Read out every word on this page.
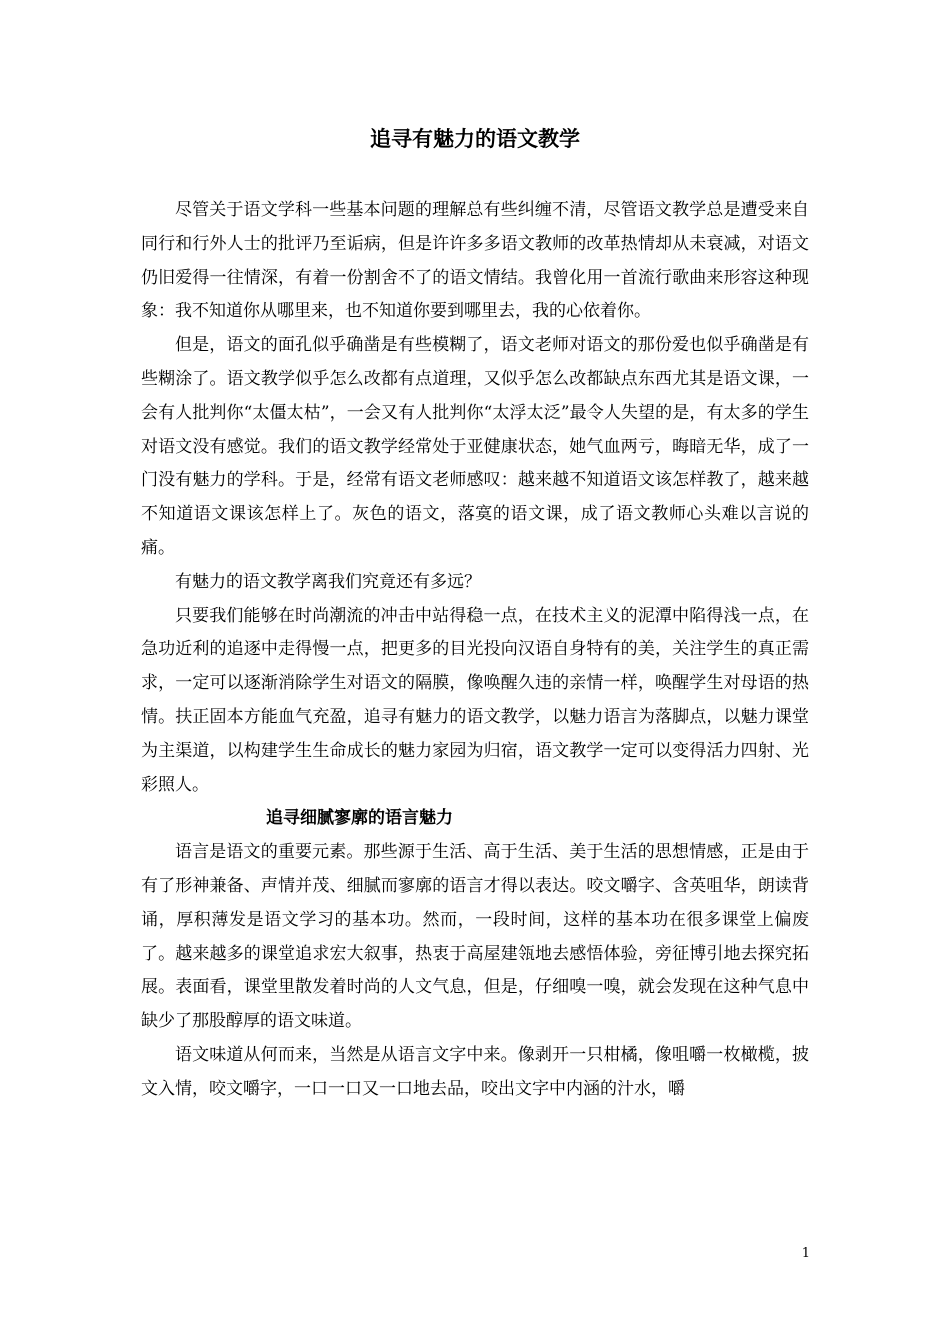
追寻有魅力的语文教学

尽管关于语文学科一些基本问题的理解总有些纠缠不清，尽管语文教学总是遭受来自同行和行外人士的批评乃至诟病，但是许许多多语文教师的改革热情却从未衰减，对语文仍旧爱得一往情深，有着一份割舍不了的语文情结。我曾化用一首流行歌曲来形容这种现象：我不知道你从哪里来，也不知道你要到哪里去，我的心依着你。

但是，语文的面孔似乎确凿是有些模糊了，语文老师对语文的那份爱也似乎确凿是有些糊涂了。语文教学似乎怎么改都有点道理，又似乎怎么改都缺点东西尤其是语文课，一会有人批判你“太僵太枯”，一会又有人批判你“太浮太泛”最令人失望的是，有太多的学生对语文没有感觉。我们的语文教学经常处于亚健康状态，她气血两亏，晦暗无华，成了一门没有魅力的学科。于是，经常有语文老师感叹：越来越不知道语文该怎样教了，越来越不知道语文课该怎样上了。灰色的语文，落寞的语文课，成了语文教师心头难以言说的痛。

有魅力的语文教学离我们究竟还有多远？

只要我们能够在时尚潮流的冲击中站得稳一点，在技术主义的泥潭中陷得浅一点，在急功近利的追逐中走得慢一点，把更多的目光投向汉语自身特有的美，关注学生的真正需求，一定可以逐渐消除学生对语文的隔膜，像唤醒久违的亲情一样，唤醒学生对母语的热情。扶正固本方能血气充盈，追寻有魅力的语文教学，以魅力语言为落脚点，以魅力课堂为主渠道，以构建学生生命成长的魅力家园为归宿，语文教学一定可以变得活力四射、光彩照人。

追寻细腻寥廓的语言魅力

语言是语文的重要元素。那些源于生活、高于生活、美于生活的思想情感，正是由于有了形神兼备、声情并茂、细腻而寥廓的语言才得以表达。咬文嚼字、含英咀华，朗读背诵，厚积薄发是语文学习的基本功。然而，一段时间，这样的基本功在很多课堂上偏废了。越来越多的课堂追求宏大叙事，热衷于高屋建瓴地去感悟体验，旁征博引地去探究拓展。表面看，课堂里散发着时尚的人文气息，但是，仔细嗅一嗅，就会发现在这种气息中缺少了那股醇厚的语文味道。

语文味道从何而来，当然是从语言文字中来。像剥开一只柑橘，像咀嚼一枚橄榄，披文入情，咬文嚼字，一口一口又一口地去品，咬出文字中内涵的汁水，嚼

1
